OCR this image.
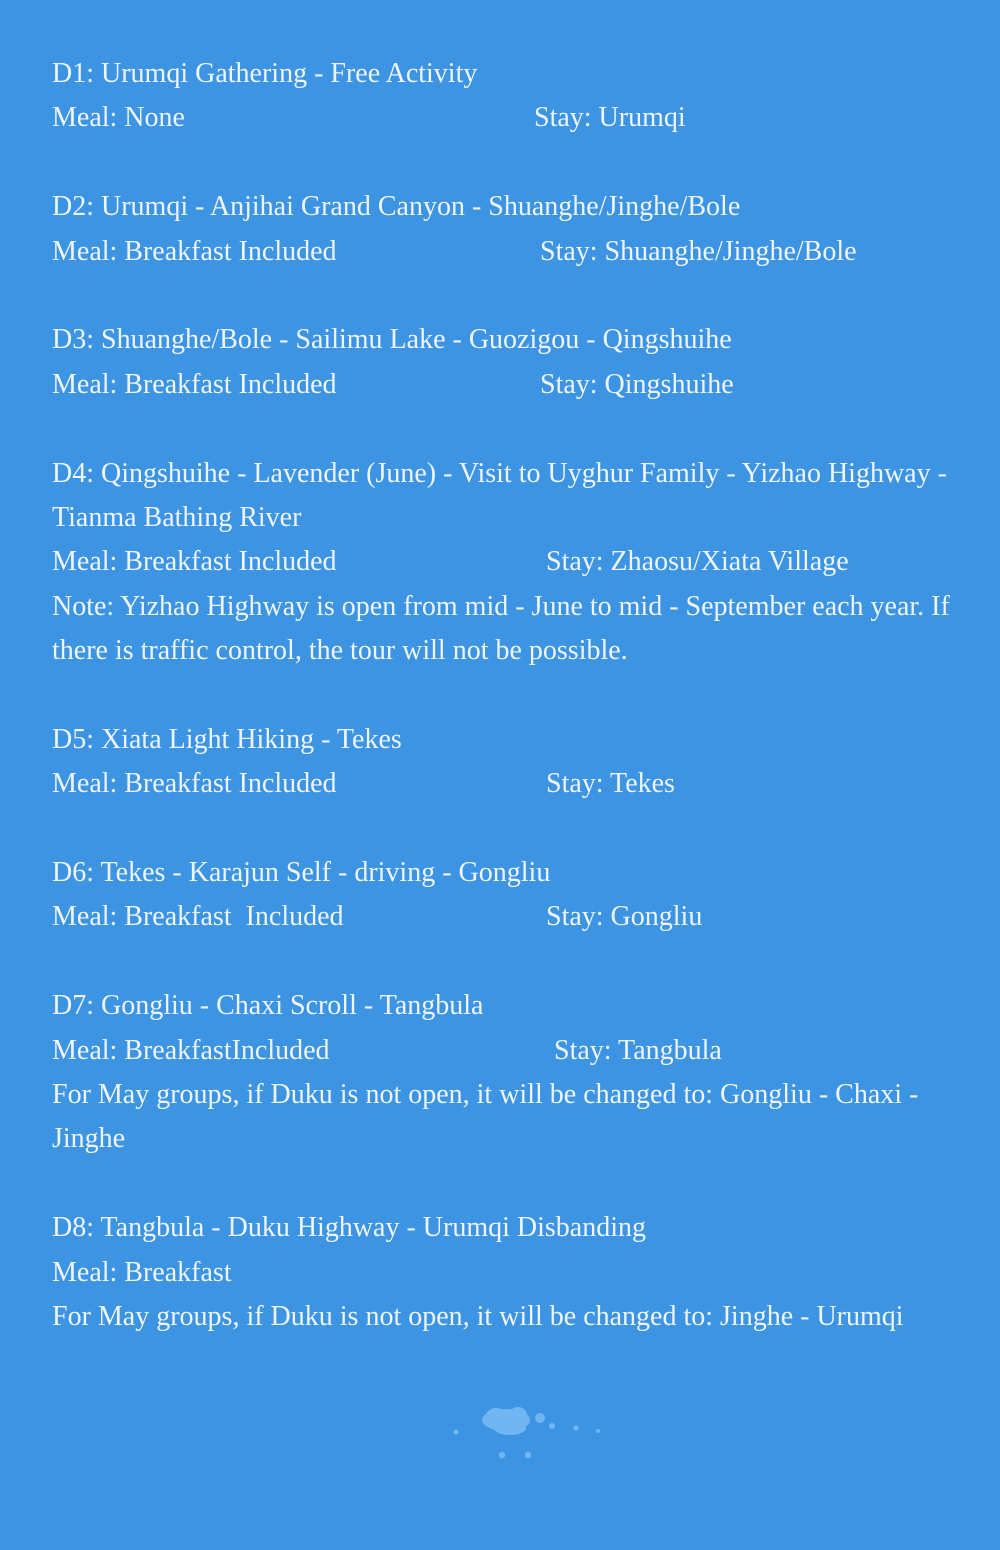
D1: Urumqi Gathering - Free Activity
Meal: None	Stay: Urumqi
D2: Urumqi - Anjihai Grand Canyon - Shuanghe/Jinghe/Bole
Meal: Breakfast Included	Stay: Shuanghe/Jinghe/Bole
D3: Shuanghe/Bole - Sailimu Lake - Guozigou - Qingshuihe
Meal: Breakfast Included	Stay: Qingshuihe
D4: Qingshuihe - Lavender (June) - Visit to Uyghur Family - Yizhao Highway - Tianma Bathing River
Meal: Breakfast Included	Stay: Zhaosu/Xiata Village
Note: Yizhao Highway is open from mid - June to mid - September each year. If there is traffic control, the tour will not be possible.
D5: Xiata Light Hiking - Tekes
Meal: Breakfast Included	Stay: Tekes
D6: Tekes - Karajun Self - driving - Gongliu
Meal: Breakfast  Included	Stay: Gongliu
D7: Gongliu - Chaxi Scroll - Tangbula
Meal: BreakfastIncluded	Stay: Tangbula
For May groups, if Duku is not open, it will be changed to: Gongliu - Chaxi - Jinghe
D8: Tangbula - Duku Highway - Urumqi Disbanding
Meal: Breakfast
For May groups, if Duku is not open, it will be changed to: Jinghe - Urumqi
